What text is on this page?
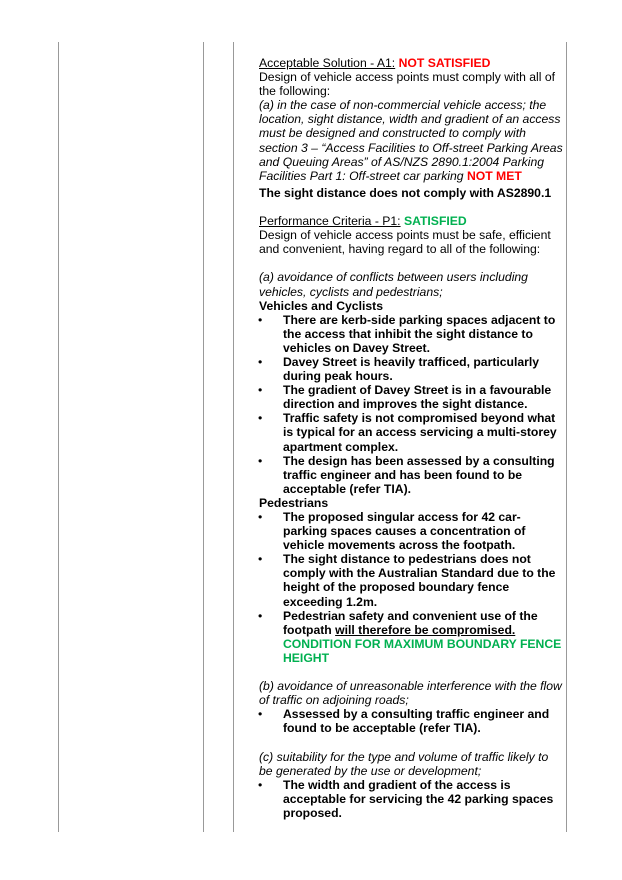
Acceptable Solution - A1: NOT SATISFIED

Design of vehicle access points must comply with all of the following:

(a) in the case of non-commercial vehicle access; the location, sight distance, width and gradient of an access must be designed and constructed to comply with section 3 – “Access Facilities to Off-street Parking Areas and Queuing Areas” of AS/NZS 2890.1:2004 Parking Facilities Part 1: Off-street car parking NOT MET

The sight distance does not comply with AS2890.1

Performance Criteria - P1: SATISFIED

Design of vehicle access points must be safe, efficient and convenient, having regard to all of the following:

(a) avoidance of conflicts between users including vehicles, cyclists and pedestrians;

Vehicles and Cyclists

• There are kerb-side parking spaces adjacent to the access that inhibit the sight distance to vehicles on Davey Street.
• Davey Street is heavily trafficed, particularly during peak hours.
• The gradient of Davey Street is in a favourable direction and improves the sight distance.
• Traffic safety is not compromised beyond what is typical for an access servicing a multi-storey apartment complex.
• The design has been assessed by a consulting traffic engineer and has been found to be acceptable (refer TIA).

Pedestrians

• The proposed singular access for 42 car-parking spaces causes a concentration of vehicle movements across the footpath.
• The sight distance to pedestrians does not comply with the Australian Standard due to the height of the proposed boundary fence exceeding 1.2m.
• Pedestrian safety and convenient use of the footpath will therefore be compromised. CONDITION FOR MAXIMUM BOUNDARY FENCE HEIGHT

(b) avoidance of unreasonable interference with the flow of traffic on adjoining roads;

• Assessed by a consulting traffic engineer and found to be acceptable (refer TIA).

(c) suitability for the type and volume of traffic likely to be generated by the use or development;

• The width and gradient of the access is acceptable for servicing the 42 parking spaces proposed.
